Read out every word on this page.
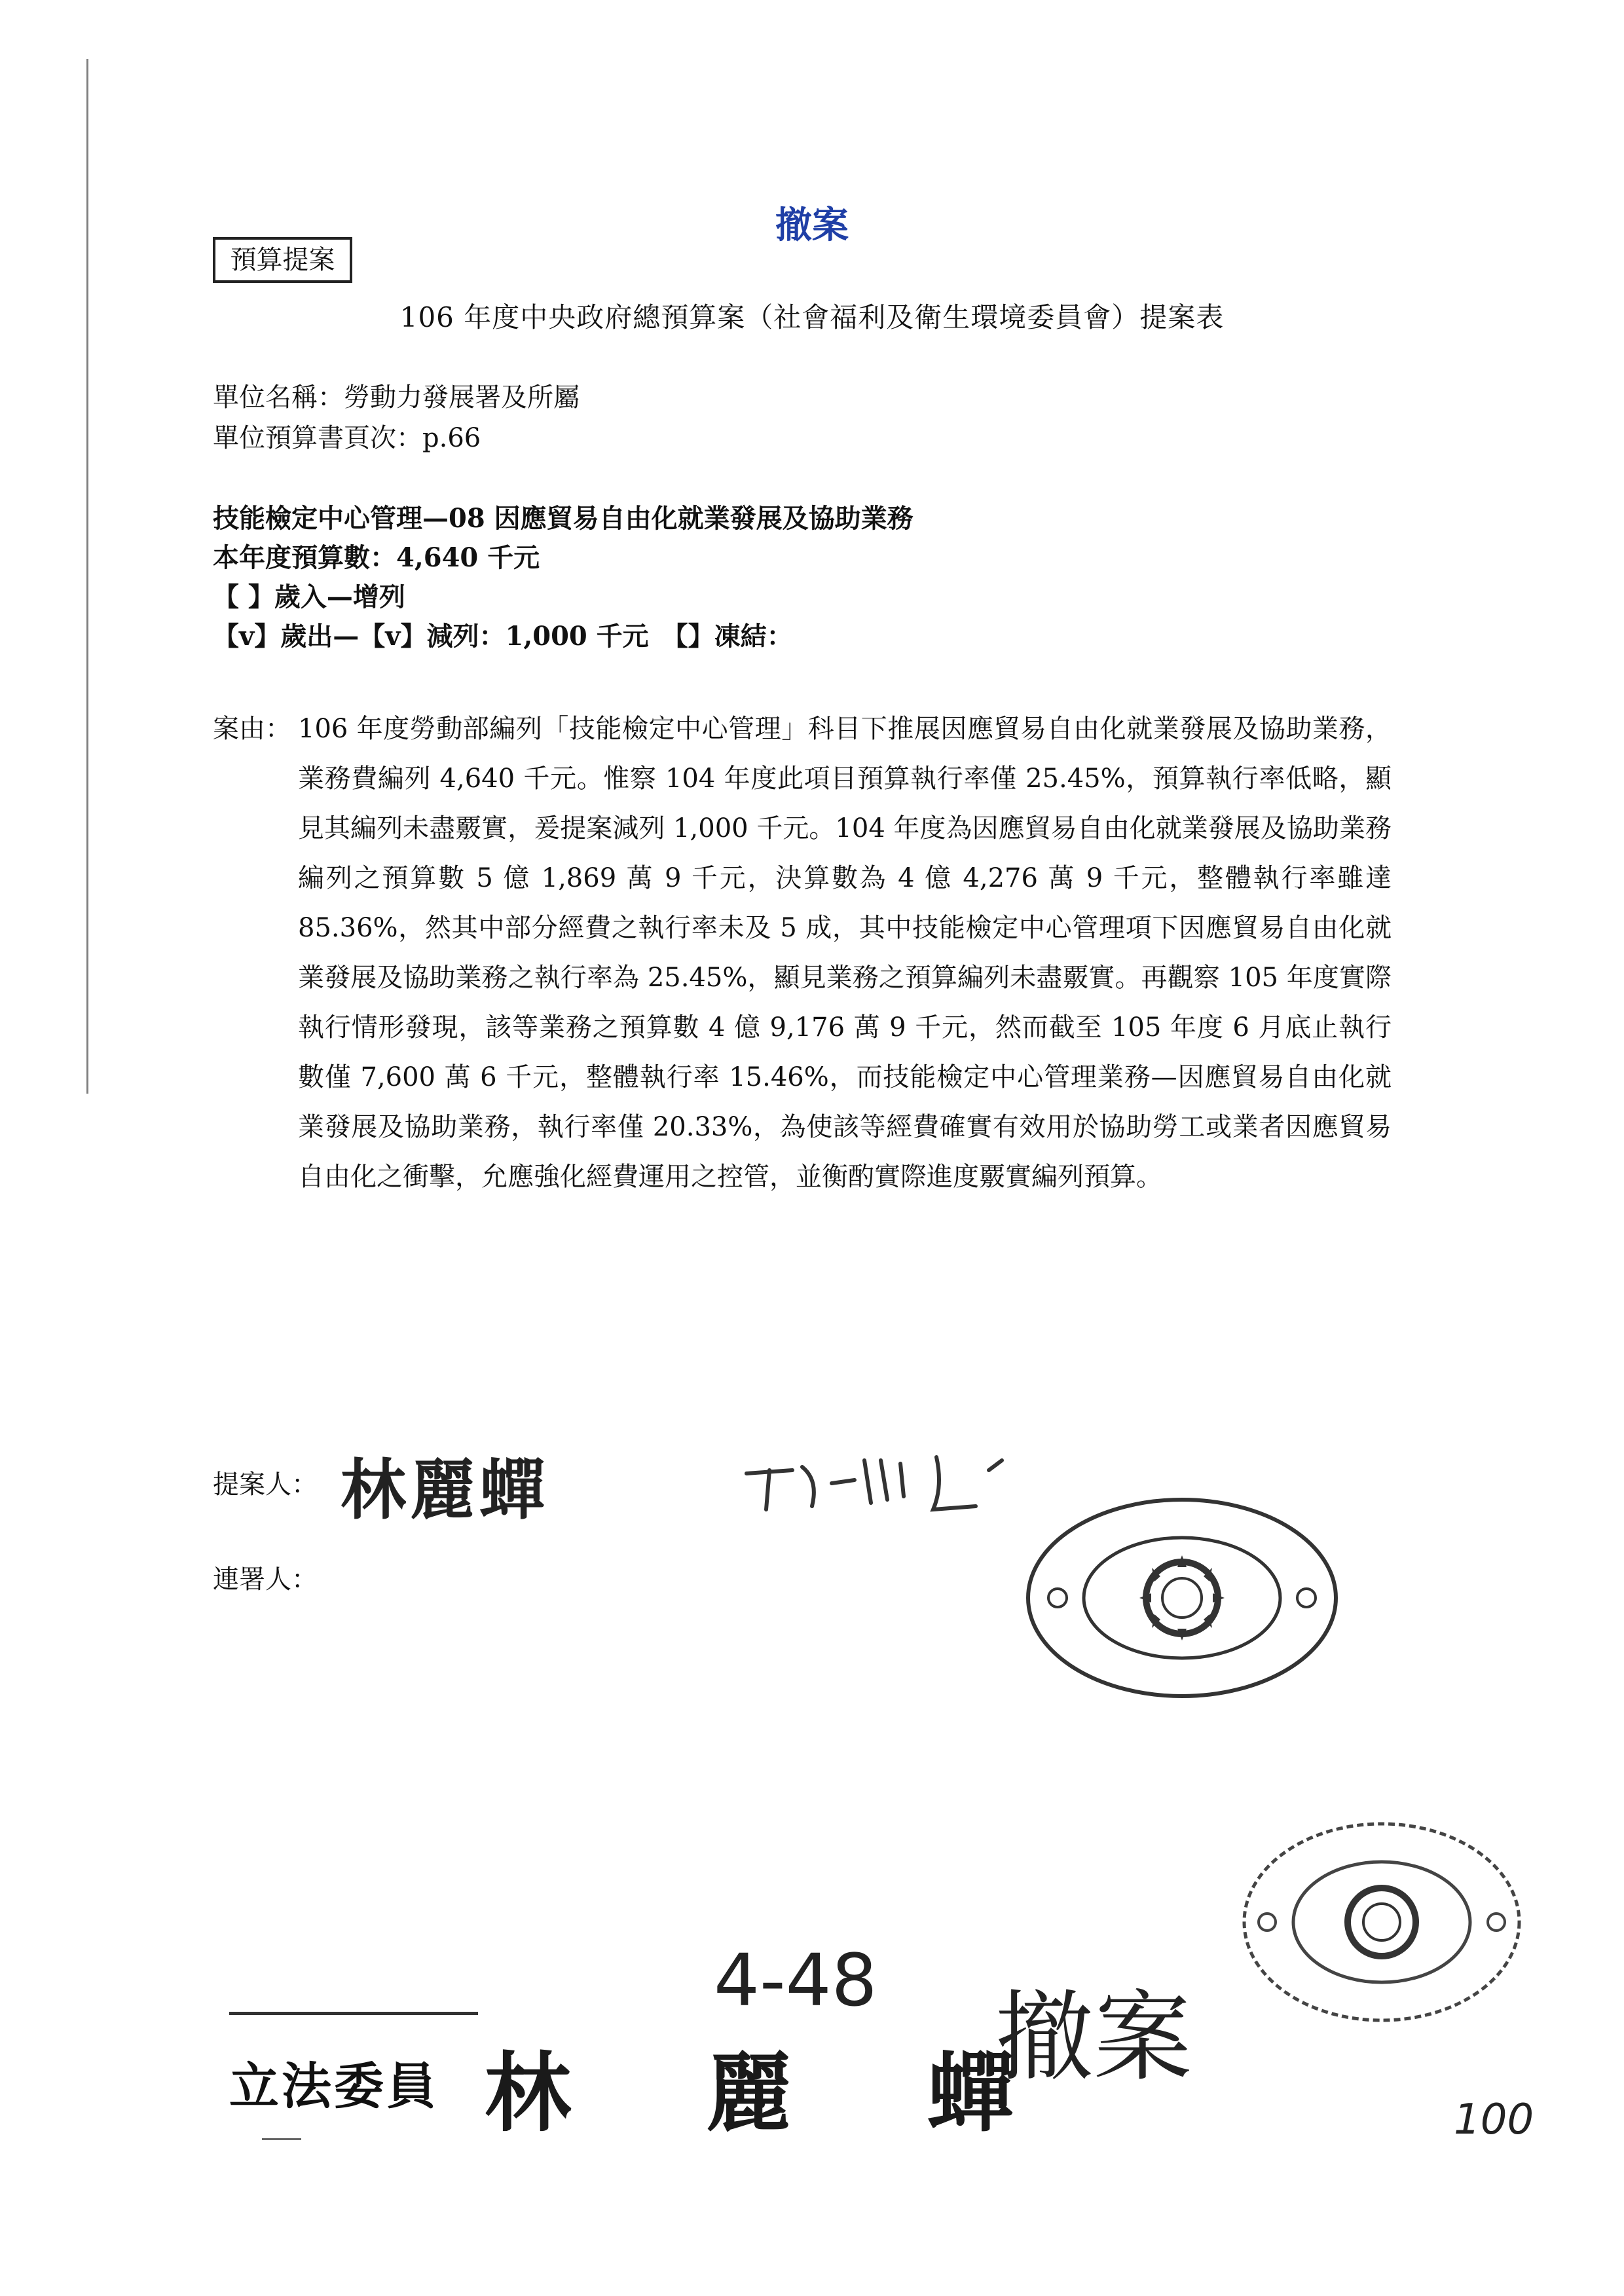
撤案
預算提案
106 年度中央政府總預算案（社會福利及衛生環境委員會）提案表
單位名稱：勞動力發展署及所屬
單位預算書頁次：p.66
技能檢定中心管理—08 因應貿易自由化就業發展及協助業務
本年度預算數：4,640 千元
【 】歲入—增列
【v】歲出—【v】減列：1,000 千元　【】凍結：
案由： 106 年度勞動部編列「技能檢定中心管理」科目下推展因應貿易自由化就業發展及協助業務，業務費編列 4,640 千元。惟察 104 年度此項目預算執行率僅 25.45%，預算執行率低略，顯見其編列未盡覈實，爰提案減列 1,000 千元。104 年度為因應貿易自由化就業發展及協助業務編列之預算數 5 億 1,869 萬 9 千元，決算數為 4 億 4,276 萬 9 千元，整體執行率雖達 85.36%，然其中部分經費之執行率未及 5 成，其中技能檢定中心管理項下因應貿易自由化就業發展及協助業務之執行率為 25.45%，顯見業務之預算編列未盡覈實。再觀察 105 年度實際執行情形發現，該等業務之預算數 4 億 9,176 萬 9 千元，然而截至 105 年度 6 月底止執行數僅 7,600 萬 6 千元，整體執行率 15.46%，而技能檢定中心管理業務—因應貿易自由化就業發展及協助業務，執行率僅 20.33%，為使該等經費確實有效用於協助勞工或業者因應貿易自由化之衝擊，允應強化經費運用之控管，並衡酌實際進度覈實編列預算。
提案人： 林麗蟬
連署人：
4-48
撤案
立法委員 林 麗 蟬	100
